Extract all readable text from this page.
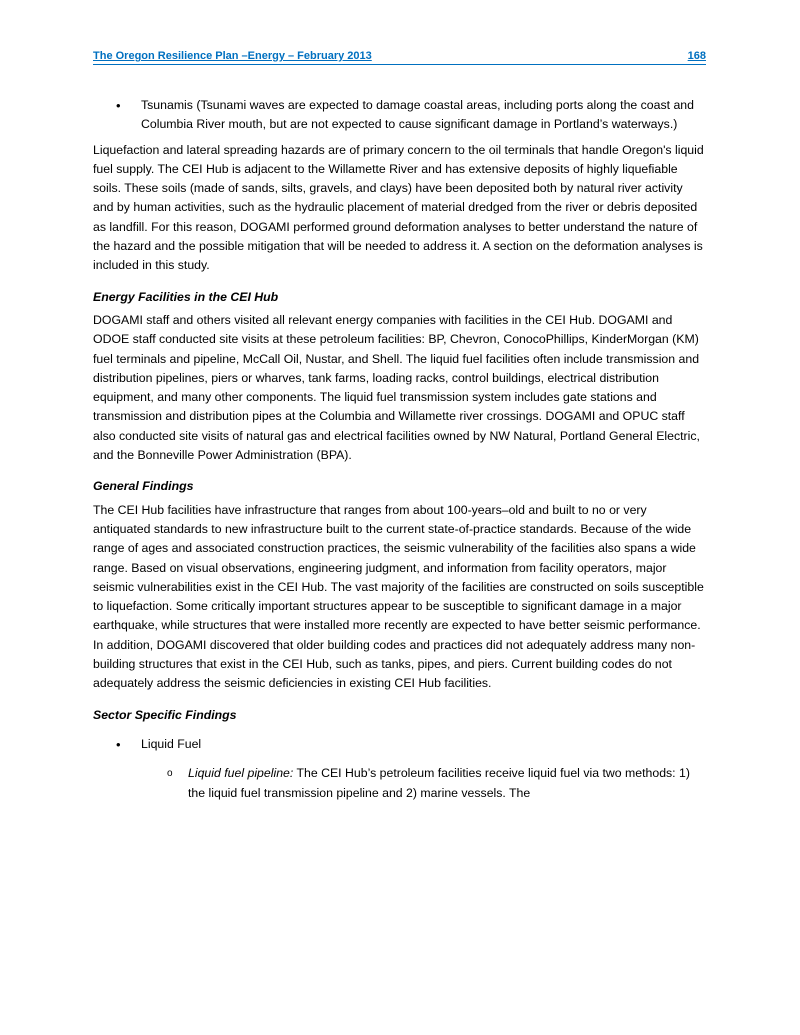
The Oregon Resilience Plan –Energy – February 2013	168
• Tsunamis (Tsunami waves are expected to damage coastal areas, including ports along the coast and Columbia River mouth, but are not expected to cause significant damage in Portland’s waterways.)

Liquefaction and lateral spreading hazards are of primary concern to the oil terminals that handle Oregon's liquid fuel supply. The CEI Hub is adjacent to the Willamette River and has extensive deposits of highly liquefiable soils. These soils (made of sands, silts, gravels, and clays) have been deposited both by natural river activity and by human activities, such as the hydraulic placement of material dredged from the river or debris deposited as landfill. For this reason, DOGAMI performed ground deformation analyses to better understand the nature of the hazard and the possible mitigation that will be needed to address it. A section on the deformation analyses is included in this study.

Energy Facilities in the CEI Hub

DOGAMI staff and others visited all relevant energy companies with facilities in the CEI Hub. DOGAMI and ODOE staff conducted site visits at these petroleum facilities: BP, Chevron, ConocoPhillips, KinderMorgan (KM) fuel terminals and pipeline, McCall Oil, Nustar, and Shell. The liquid fuel facilities often include transmission and distribution pipelines, piers or wharves, tank farms, loading racks, control buildings, electrical distribution equipment, and many other components. The liquid fuel transmission system includes gate stations and transmission and distribution pipes at the Columbia and Willamette river crossings. DOGAMI and OPUC staff also conducted site visits of natural gas and electrical facilities owned by NW Natural, Portland General Electric, and the Bonneville Power Administration (BPA).

General Findings

The CEI Hub facilities have infrastructure that ranges from about 100-years–old and built to no or very antiquated standards to new infrastructure built to the current state-of-practice standards. Because of the wide range of ages and associated construction practices, the seismic vulnerability of the facilities also spans a wide range. Based on visual observations, engineering judgment, and information from facility operators, major seismic vulnerabilities exist in the CEI Hub. The vast majority of the facilities are constructed on soils susceptible to liquefaction. Some critically important structures appear to be susceptible to significant damage in a major earthquake, while structures that were installed more recently are expected to have better seismic performance. In addition, DOGAMI discovered that older building codes and practices did not adequately address many non-building structures that exist in the CEI Hub, such as tanks, pipes, and piers. Current building codes do not adequately address the seismic deficiencies in existing CEI Hub facilities.

Sector Specific Findings

• Liquid Fuel
o Liquid fuel pipeline: The CEI Hub’s petroleum facilities receive liquid fuel via two methods: 1) the liquid fuel transmission pipeline and 2) marine vessels. The
